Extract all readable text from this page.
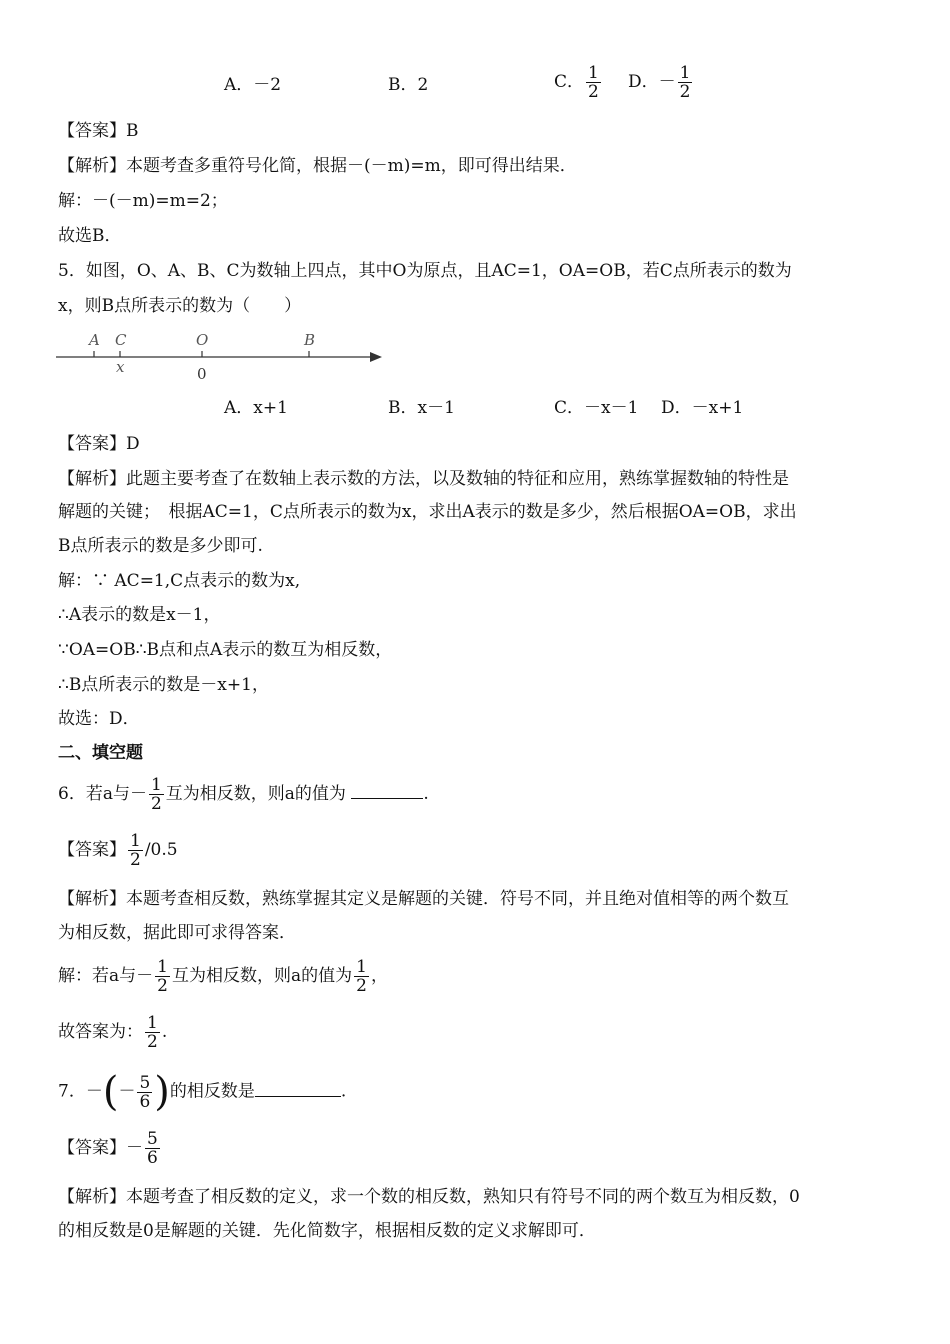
A．－2	B．2	C． $\frac{1}{2}$ D．－ $\frac{1}{2}$
【答案】B
【解析】本题考查多重符号化简，根据－(－m)=m，即可得出结果．
解：－(－m)=m=2；
故选B．
5．如图，O、A、B、C为数轴上四点，其中O为原点，且AC=1，OA=OB，若C点所表示的数为
x，则B点所表示的数为（　　）
A C	O	B
x	0
A．x+1	B．x－1	C．－x－1 D．－x+1
【答案】D
【解析】此题主要考查了在数轴上表示数的方法，以及数轴的特征和应用，熟练掌握数轴的特性是
解题的关键；　根据AC=1，C点所表示的数为x，求出A表示的数是多少，然后根据OA=OB，求出
B点所表示的数是多少即可.
解：∵ AC=1,C点表示的数为x,
∴A表示的数是x－1，
∵OA=OB∴B点和点A表示的数互为相反数，
∴B点所表示的数是－x+1，
故选：D．
二、填空题
6．若a与－ $\frac{1}{2}$ 互为相反数，则a的值为	.
【答案】 $\frac{1}{2} /0.5$
【解析】本题考查相反数，熟练掌握其定义是解题的关键．符号不同，并且绝对值相等的两个数互
为相反数，据此即可求得答案．
解：若a与－ $\frac{1}{2}$ 互为相反数，则a的值为 $\frac{1}{2}$ ，
故答案为： $\frac{1}{2}$ .
7．－(－ $\frac{5}{6}$ )的相反数是	.
【答案】－ $\frac{5}{6}$
【解析】本题考查了相反数的定义，求一个数的相反数，熟知只有符号不同的两个数互为相反数，0
的相反数是0是解题的关键．先化简数字，根据相反数的定义求解即可．
